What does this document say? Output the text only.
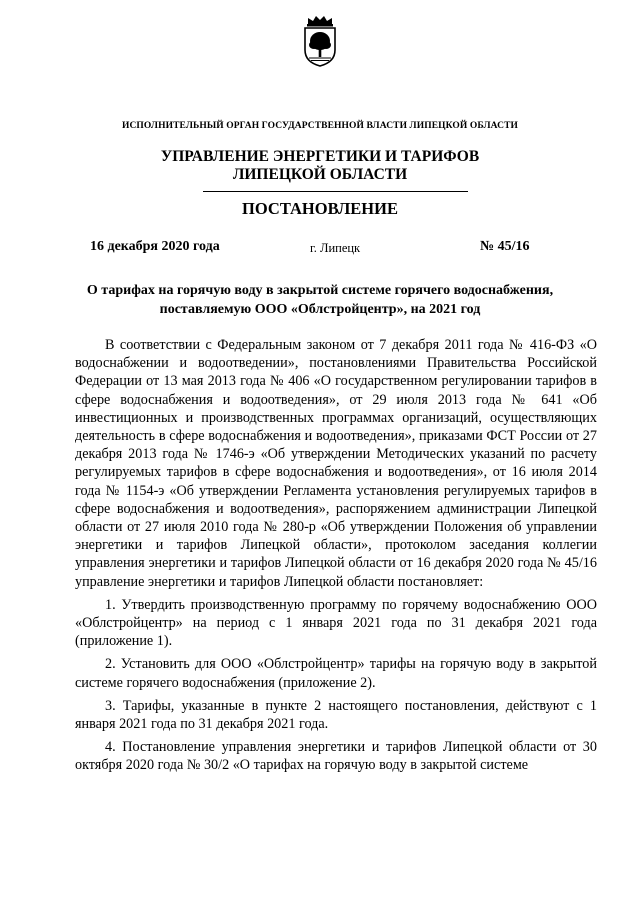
ИСПОЛНИТЕЛЬНЫЙ ОРГАН ГОСУДАРСТВЕННОЙ ВЛАСТИ ЛИПЕЦКОЙ ОБЛАСТИ
УПРАВЛЕНИЕ ЭНЕРГЕТИКИ И ТАРИФОВ
ЛИПЕЦКОЙ ОБЛАСТИ
ПОСТАНОВЛЕНИЕ
16 декабря 2020 года	г. Липецк	№ 45/16
О тарифах на горячую воду в закрытой системе горячего водоснабжения,
поставляемую ООО «Облстройцентр», на 2021 год

В соответствии с Федеральным законом от 7 декабря 2011 года № 416-ФЗ «О водоснабжении и водоотведении», постановлениями Правительства Российской Федерации от 13 мая 2013 года № 406 «О государственном регулировании тарифов в сфере водоснабжения и водоотведения», от 29 июля 2013 года № 641 «Об инвестиционных и производственных программах организаций, осуществляющих деятельность в сфере водоснабжения и водоотведения», приказами ФСТ России от 27 декабря 2013 года № 1746-э «Об утверждении Методических указаний по расчету регулируемых тарифов в сфере водоснабжения и водоотведения», от 16 июля 2014 года № 1154-э «Об утверждении Регламента установления регулируемых тарифов в сфере водоснабжения и водоотведения», распоряжением администрации Липецкой области от 27 июля 2010 года № 280-р «Об утверждении Положения об управлении энергетики и тарифов Липецкой области», протоколом заседания коллегии управления энергетики и тарифов Липецкой области от 16 декабря 2020 года № 45/16 управление энергетики и тарифов Липецкой области постановляет:

1. Утвердить производственную программу по горячему водоснабжению ООО «Облстройцентр» на период с 1 января 2021 года по 31 декабря 2021 года (приложение 1).

2. Установить для ООО «Облстройцентр» тарифы на горячую воду в закрытой системе горячего водоснабжения (приложение 2).

3. Тарифы, указанные в пункте 2 настоящего постановления, действуют с 1 января 2021 года по 31 декабря 2021 года.

4. Постановление управления энергетики и тарифов Липецкой области от 30 октября 2020 года № 30/2 «О тарифах на горячую воду в закрытой системе
